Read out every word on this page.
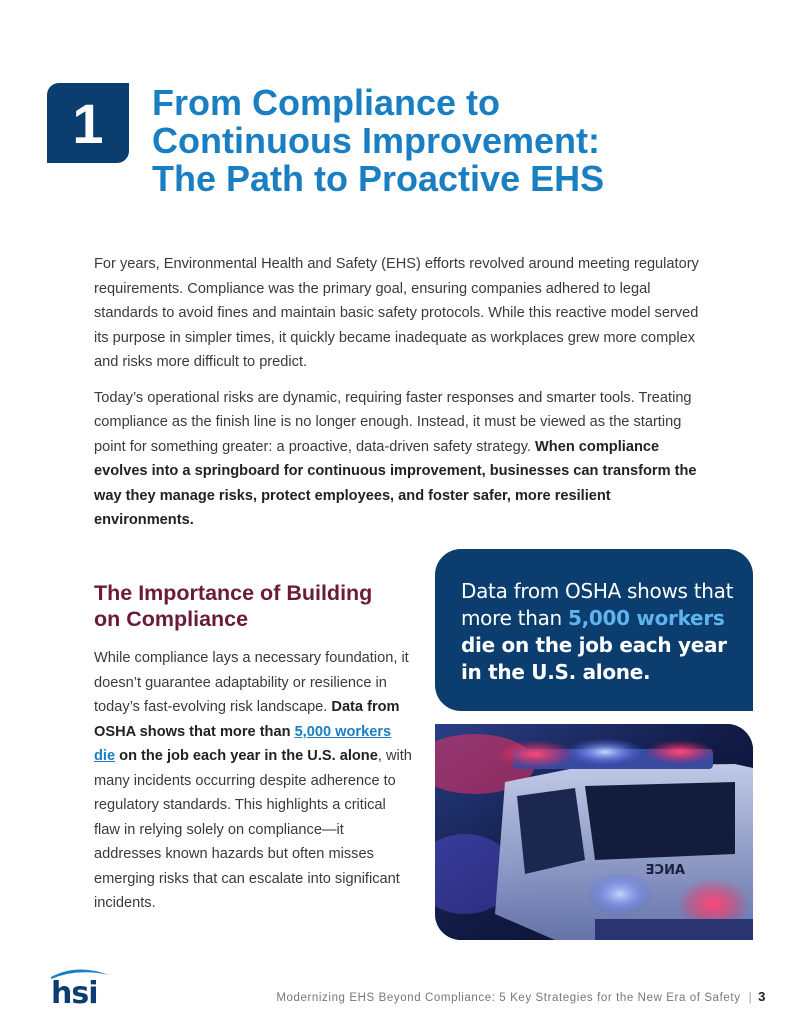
1	From Compliance to
Continuous Improvement:
The Path to Proactive EHS

For years, Environmental Health and Safety (EHS) efforts revolved around meeting regulatory requirements. Compliance was the primary goal, ensuring companies adhered to legal standards to avoid fines and maintain basic safety protocols. While this reactive model served its purpose in simpler times, it quickly became inadequate as workplaces grew more complex and risks more difficult to predict.

Today’s operational risks are dynamic, requiring faster responses and smarter tools. Treating compliance as the finish line is no longer enough. Instead, it must be viewed as the starting point for something greater: a proactive, data-driven safety strategy. When compliance evolves into a springboard for continuous improvement, businesses can transform the way they manage risks, protect employees, and foster safer, more resilient environments.

The Importance of Building
on Compliance

While compliance lays a necessary foundation, it doesn’t guarantee adaptability or resilience in today’s fast-evolving risk landscape. Data from OSHA shows that more than 5,000 workers die on the job each year in the U.S. alone, with many incidents occurring despite adherence to regulatory standards. This highlights a critical flaw in relying solely on compliance—it addresses known hazards but often misses emerging risks that can escalate into significant incidents.

Data from OSHA shows that more than 5,000 workers die on the job each year in the U.S. alone.
ANCE
hsi	Modernizing EHS Beyond Compliance: 5 Key Strategies for the New Era of Safety | 3
